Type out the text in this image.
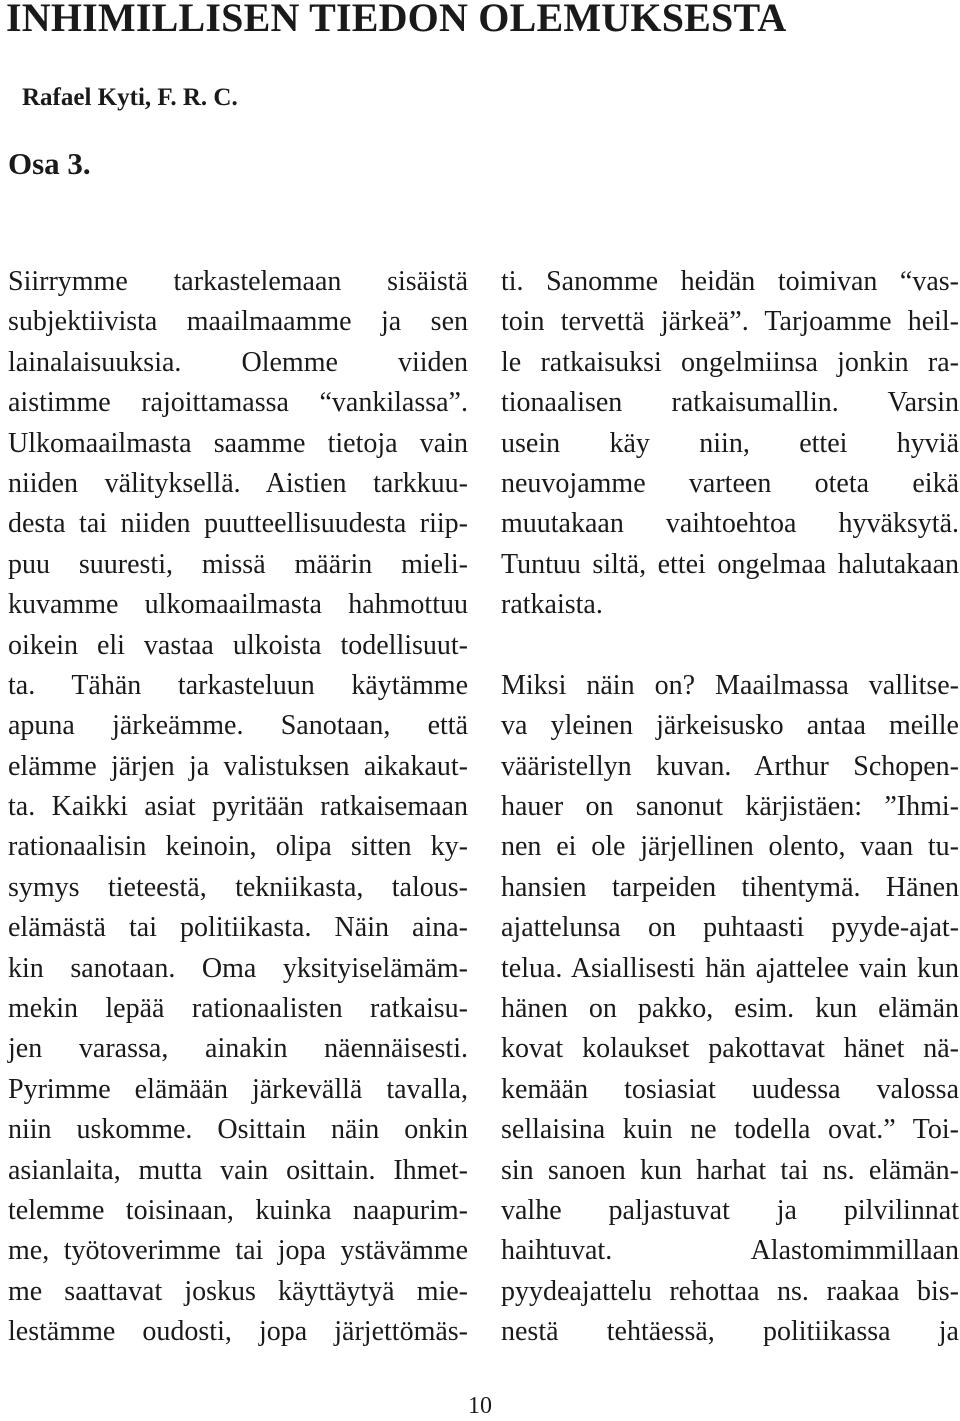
INHIMILLISEN TIEDON OLEMUKSESTA

Rafael Kyti, F. R. C.

Osa 3.

Siirrymme tarkastelemaan sisäistä
subjektiivista maailmaamme ja sen
lainalaisuuksia. Olemme viiden
aistimme rajoittamassa “vankilassa”.
Ulkomaailmasta saamme tietoja vain
niiden välityksellä. Aistien tarkkuu-
desta tai niiden puutteellisuudesta riip-
puu suuresti, missä määrin mieli-
kuvamme ulkomaailmasta hahmottuu
oikein eli vastaa ulkoista todellisuut-
ta. Tähän tarkasteluun käytämme
apuna järkeämme. Sanotaan, että
elämme järjen ja valistuksen aikakaut-
ta. Kaikki asiat pyritään ratkaisemaan
rationaalisin keinoin, olipa sitten ky-
symys tieteestä, tekniikasta, talous-
elämästä tai politiikasta. Näin aina-
kin sanotaan. Oma yksityiselämäm-
mekin lepää rationaalisten ratkaisu-
jen varassa, ainakin näennäisesti.
Pyrimme elämään järkevällä tavalla,
niin uskomme. Osittain näin onkin
asianlaita, mutta vain osittain. Ihmet-
telemme toisinaan, kuinka naapurim-
me, työtoverimme tai jopa ystävämme
me saattavat joskus käyttäytyä mie-
lestämme oudosti, jopa järjettömäs-
ti. Sanomme heidän toimivan “vas-
toin tervettä järkeä”. Tarjoamme heil-
le ratkaisuksi ongelmiinsa jonkin ra-
tionaalisen ratkaisumallin. Varsin
usein käy niin, ettei hyviä
neuvojamme varteen oteta eikä
muutakaan vaihtoehtoa hyväksytä.
Tuntuu siltä, ettei ongelmaa halutakaan
ratkaista.
Miksi näin on? Maailmassa vallitse-
va yleinen järkeisusko antaa meille
vääristellyn kuvan. Arthur Schopen-
hauer on sanonut kärjistäen: ”Ihmi-
nen ei ole järjellinen olento, vaan tu-
hansien tarpeiden tihentymä. Hänen
ajattelunsa on puhtaasti pyyde-ajat-
telua. Asiallisesti hän ajattelee vain kun
hänen on pakko, esim. kun elämän
kovat kolaukset pakottavat hänet nä-
kemään tosiasiat uudessa valossa
sellaisina kuin ne todella ovat.” Toi-
sin sanoen kun harhat tai ns. elämän-
valhe paljastuvat ja pilvilinnat
haihtuvat. Alastomimmillaan
pyydeajattelu rehottaa ns. raakaa bis-
nestä tehtäessä, politiikassa ja

10
